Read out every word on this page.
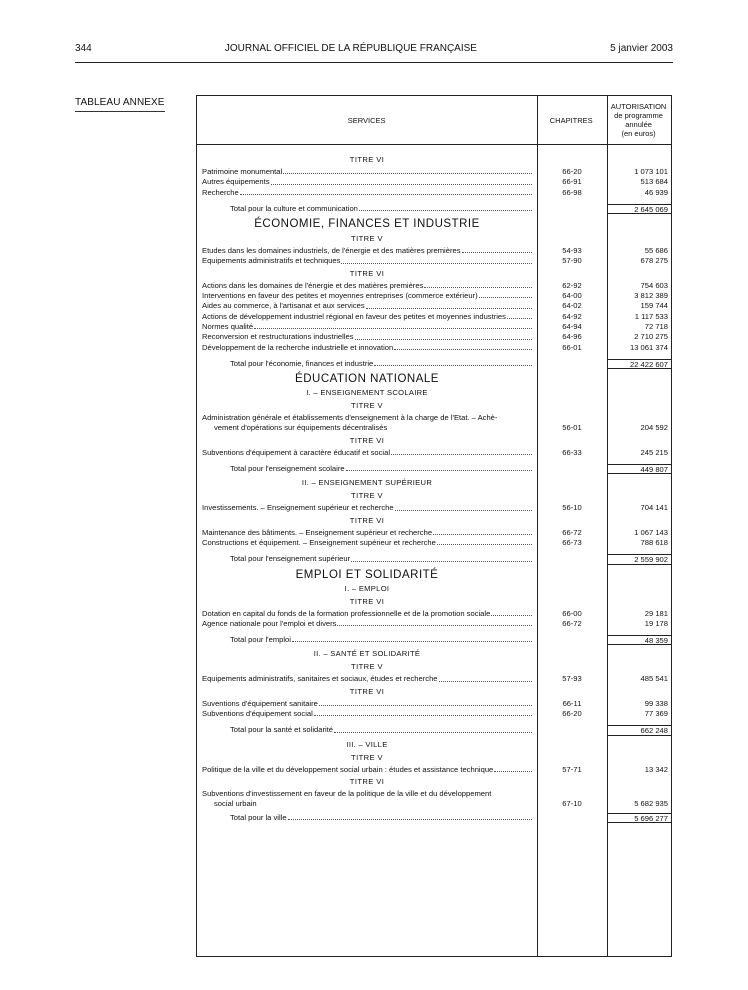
344	JOURNAL OFFICIEL DE LA RÉPUBLIQUE FRANÇAISE	5 janvier 2003
TABLEAU ANNEXE
SERVICES	CHAPITRES
AUTORISATION
de programme
annulée
(en euros)
TITRE VI
Patrimoine monumental	66-20	1 073 101
Autres équipements	66-91	513 684
Recherche	66-98	46 939
Total pour la culture et communication	2 645 069
ÉCONOMIE, FINANCES ET INDUSTRIE
TITRE V
Etudes dans les domaines industriels, de l'énergie et des matières premières	54-93	55 686
Equipements administratifs et techniques	57-90	678 275
TITRE VI
Actions dans les domaines de l'énergie et des matières premières	62-92	754 603
Interventions en faveur des petites et moyennes entreprises (commerce extérieur)	64-00	3 812 389
Aides au commerce, à l'artisanat et aux services	64-02	159 744
Actions de développement industriel régional en faveur des petites et moyennes industries	64-92	1 117 533
Normes qualité	64-94	72 718
Reconversion et restructurations industrielles	64-96	2 710 275
Développement de la recherche industrielle et innovation	66-01	13 061 374
Total pour l'économie, finances et industrie	22 422 607
ÉDUCATION NATIONALE
I. – ENSEIGNEMENT SCOLAIRE
TITRE V
Administration générale et établissements d'enseignement à la charge de l'Etat. – Achè-
vement d'opérations sur équipements décentralisés	56-01	204 592
TITRE VI
Subventions d'équipement à caractère éducatif et social	66-33	245 215
Total pour l'enseignement scolaire	449 807
II. – ENSEIGNEMENT SUPÉRIEUR
TITRE V
Investissements. – Enseignement supérieur et recherche	56-10	704 141
TITRE VI
Maintenance des bâtiments. – Enseignement supérieur et recherche	66-72	1 067 143
Constructions et équipement. – Enseignement supérieur et recherche	66-73	788 618
Total pour l'enseignement supérieur	2 559 902
EMPLOI ET SOLIDARITÉ
I. – EMPLOI
TITRE VI
Dotation en capital du fonds de la formation professionnelle et de la promotion sociale	66-00	29 181
Agence nationale pour l'emploi et divers	66-72	19 178
Total pour l'emploi	48 359
II. – SANTÉ ET SOLIDARITÉ
TITRE V
Equipements administratifs, sanitaires et sociaux, études et recherche	57-93	485 541
TITRE VI
Suventions d'équipement sanitaire	66-11	99 338
Subventions d'équipement social	66-20	77 369
Total pour la santé et solidarité	662 248
III. – VILLE
TITRE V
Politique de la ville et du développement social urbain : études et assistance technique	57-71	13 342
TITRE VI
Subventions d'investissement en faveur de la politique de la ville et du développement
social urbain	67-10	5 682 935
Total pour la ville	5 696 277
